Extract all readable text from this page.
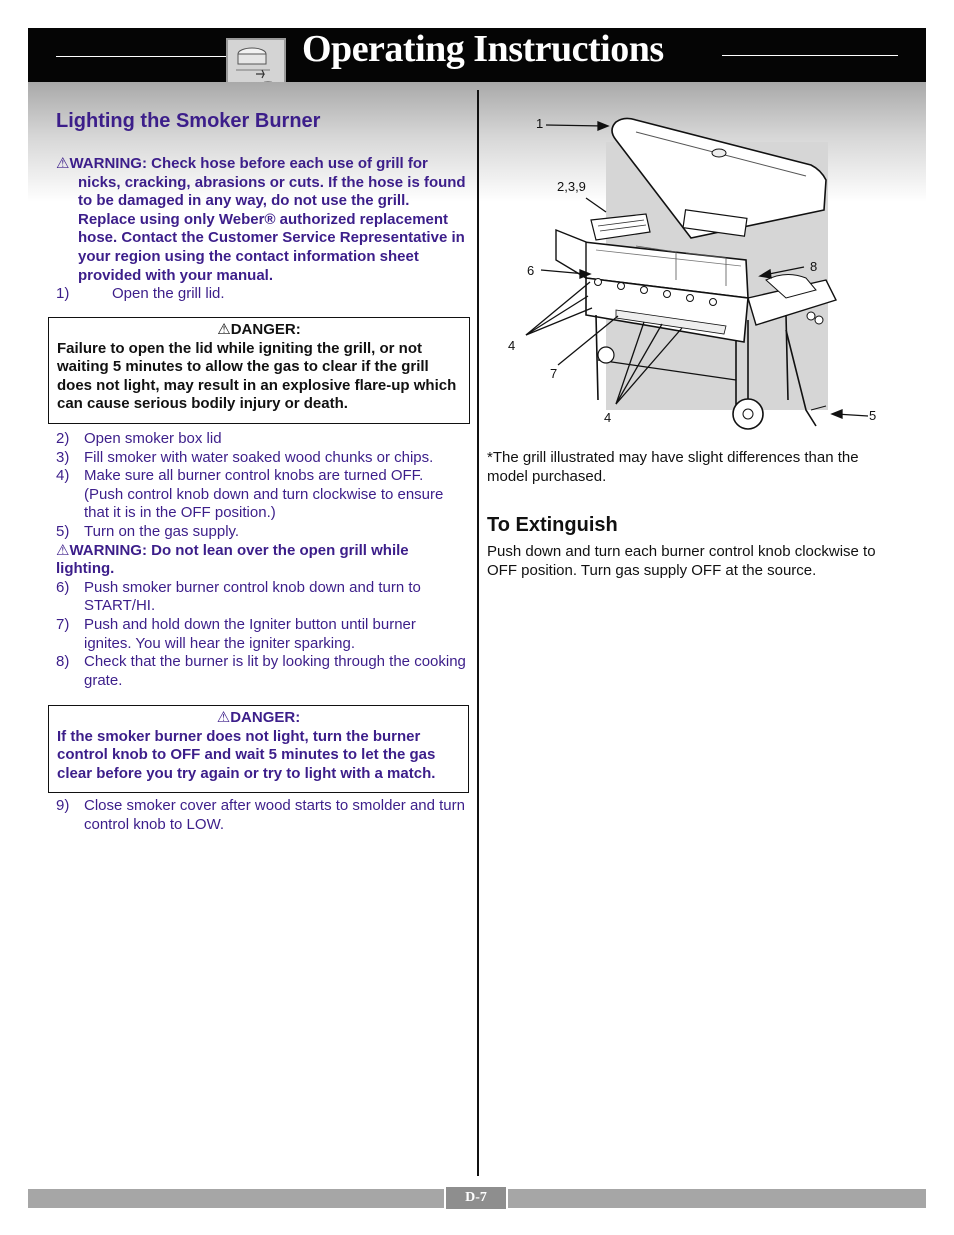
Operating Instructions
Lighting the Smoker Burner
⚠WARNING: Check hose before each use of grill for nicks, cracking, abrasions or cuts. If the hose is found to be damaged in any way, do not use the grill. Replace using only Weber® authorized replacement hose. Contact the Customer Service Representative in your region using the contact information sheet provided with your manual.
1)	Open the grill lid.
⚠DANGER:
Failure to open the lid while igniting the grill, or not waiting 5 minutes to allow the gas to clear if the grill does not light, may result in an explosive flare-up which can cause serious bodily injury or death.
2) Open smoker box lid
3) Fill smoker with water soaked wood chunks or chips.
4) Make sure all burner control knobs are turned OFF. (Push control knob down and turn clockwise to ensure that it is in the OFF position.)
5) Turn on the gas supply.
⚠WARNING: Do not lean over the open grill while lighting.
6) Push smoker burner control knob down and turn to START/HI.
7) Push and hold down the Igniter button until burner ignites. You will hear the igniter sparking.
8) Check that the burner is lit by looking through the cooking grate.
⚠DANGER:
If the smoker burner does not light, turn the burner control knob to OFF and wait 5 minutes to let the gas clear before you try again or try to light with a match.
9) Close smoker cover after wood starts to smolder and turn control knob to LOW.
1
2,3,9
6	8
4
7
4	5
*The grill illustrated may have slight differences than the model purchased.
To Extinguish
Push down and turn each burner control knob clockwise to OFF position. Turn gas supply OFF at the source.
D-7
